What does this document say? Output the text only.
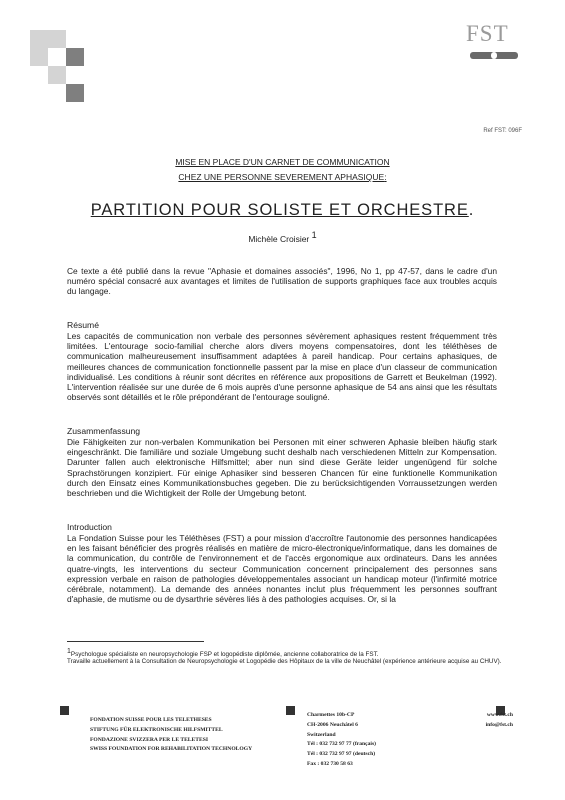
FST
Ref FST: 096F
MISE EN PLACE D'UN CARNET DE COMMUNICATION
CHEZ UNE PERSONNE SEVEREMENT APHASIQUE:
PARTITION POUR SOLISTE ET ORCHESTRE.
Michèle Croisier $^1$

Ce texte a été publié dans la revue "Aphasie et domaines associés", 1996, No 1, pp 47-57, dans le cadre d'un numéro spécial consacré aux avantages et limites de l'utilisation de supports graphiques face aux troubles acquis du langage.

Résumé

Les capacités de communication non verbale des personnes sévèrement aphasiques restent fréquemment très limitées. L'entourage socio-familial cherche alors divers moyens compensatoires, dont les téléthèses de communication malheureusement insuffisamment adaptées à pareil handicap. Pour certains aphasiques, de meilleures chances de communication fonctionnelle passent par la mise en place d'un classeur de communication individualisé. Les conditions à réunir sont décrites en référence aux propositions de Garrett et Beukelman (1992). L'intervention réalisée sur une durée de 6 mois auprès d'une personne aphasique de 54 ans ainsi que les résultats observés sont détaillés et le rôle prépondérant de l'entourage souligné.

Zusammenfassung

Die Fähigkeiten zur non-verbalen Kommunikation bei Personen mit einer schweren Aphasie bleiben häufig stark eingeschränkt. Die familiäre und soziale Umgebung sucht deshalb nach verschiedenen Mitteln zur Kompensation. Darunter fallen auch elektronische Hilfsmittel; aber nun sind diese Geräte leider ungenügend für solche Sprachstörungen konzipiert. Für einige Aphasiker sind besseren Chancen für eine funktionelle Kommunikation durch den Einsatz eines Kommunikationsbuches gegeben. Die zu berücksichtigenden Vorraussetzungen werden beschrieben und die Wichtigkeit der Rolle der Umgebung betont.

Introduction

La Fondation Suisse pour les Téléthèses (FST) a pour mission d'accroître l'autonomie des personnes handicapées en les faisant bénéficier des progrès réalisés en matière de micro-électronique/informatique, dans les domaines de la communication, du contrôle de l'environnement et de l'accès ergonomique aux ordinateurs. Dans les années quatre-vingts, les interventions du secteur Communication concernent principalement des personnes sans expression verbale en raison de pathologies développementales associant un handicap moteur (l'infirmité motrice cérébrale, notamment). La demande des années nonantes inclut plus fréquemment les personnes souffrant d'aphasie, de mutisme ou de dysarthrie sévères liés à des pathologies acquises. Or, si la

$^1$Psychologue spécialiste en neuropsychologie FSP et logopédiste diplômée, ancienne collaboratrice de la FST.

Travaille actuellement à la Consultation de Neuropsychologie et Logopédie des Hôpitaux de la ville de Neuchâtel (expérience antérieure acquise au CHUV).

FONDATION SUISSE POUR LES TELETHESES
STIFTUNG FÜR ELEKTRONISCHE HILFSMITTEL
FONDAZIONE SVIZZERA PER LE TELETESI
SWISS FOUNDATION FOR REHABILITATION TECHNOLOGY
Charmettes 10b-CP
CH-2006 Neuchâtel 6
Switzerland
Tél : 032 732 97 77 (français)
Tél : 032 732 97 97 (deutsch)
Fax : 032 730 58 63
www.fst.ch
info@fst.ch
